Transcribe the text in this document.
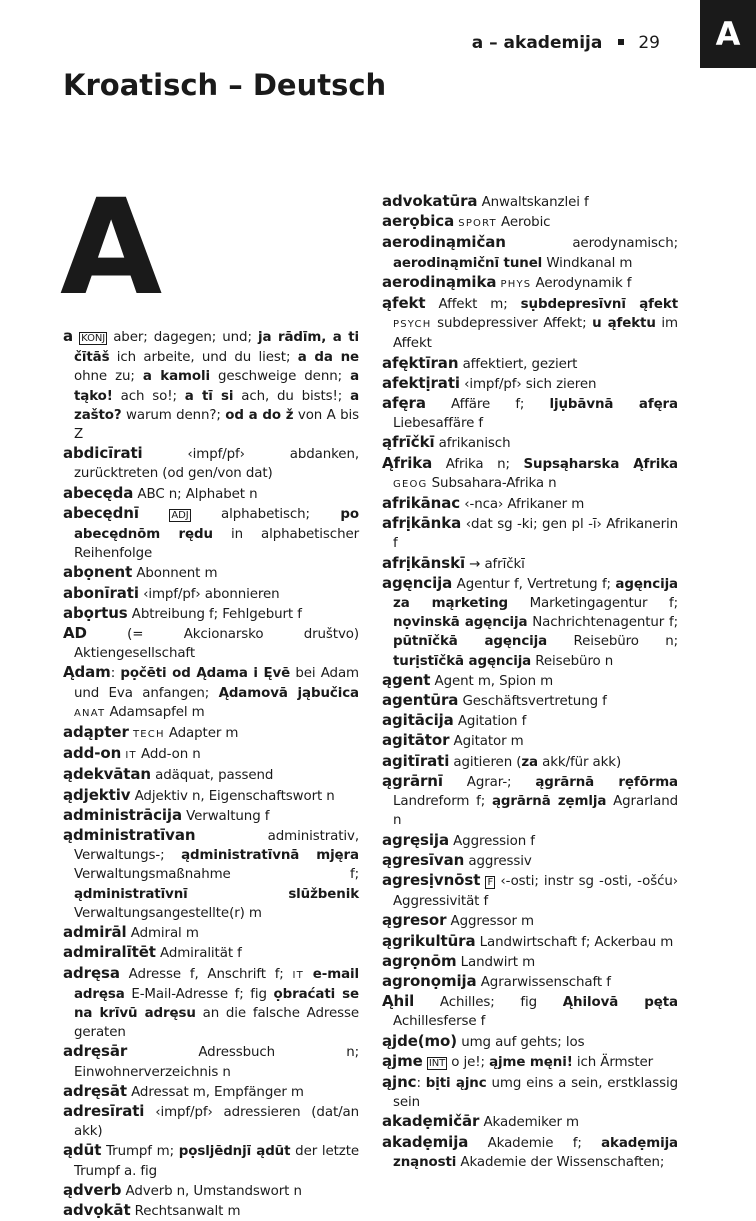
a – akademija 29	A
Kroatisch – Deutsch
A
a KONJ aber; dagegen; und; ja rādīm, a ti čītāš ich arbeite, und du liest; a da ne ohne zu; a kamoli geschweige denn; a tąko! ach so!; a tī si ach, du bists!; a zašto? warum denn?; od a do ž von A bis Z
abdicīrati ‹impf/pf› abdanken, zurücktreten (od gen/von dat)
abecęda ABC n; Alphabet n
abecędnī	ADJ alphabetisch; po abecędnōm rędu in alphabetischer Reihenfolge
abọnent Abonnent m
abonīrati ‹impf/pf› abonnieren
abọrtus Abtreibung f; Fehlgeburt f
AD (= Akcionarsko društvo) Aktiengesellschaft
Ądam: pọčēti od Ądama i Ęvē bei Adam und Eva anfangen; Ądamovā jąbučica ANAT Adamsapfel m
adąpter TECH Adapter m
add-on IT Add-on n
ądekvātan adäquat, passend
ądjektiv Adjektiv n, Eigenschaftswort n
administrācija Verwaltung f
ądministratīvan administrativ, Verwaltungs-; ądministratīvnā mjęra Verwaltungsmaßnahme f; ądministratīvnī slūžbenik Verwaltungsangestellte(r) m
admirāl Admiral m
admiralītēt Admiralität f
adręsa Adresse f, Anschrift f; IT e-mail adręsa E-Mail-Adresse f; fig ọbraćati se na krīvū adręsu an die falsche Adresse geraten
adręsār Adressbuch n; Einwohnerverzeichnis n
adręsāt Adressat m, Empfänger m
adresīrati ‹impf/pf› adressieren (dat/an akk)
ądūt Trumpf m; pọslјēdnjī ądūt der letzte Trumpf a. fig
ądverb Adverb n, Umstandswort n
advọkāt Rechtsanwalt m
advokatūra Anwaltskanzlei f
aerọbica SPORT Aerobic
aerodinąmičan aerodynamisch; aerodinąmičnī tunel Windkanal m
aerodinąmika PHYS Aerodynamik f
ąfekt Affekt m; sụbdepresīvnī ąfekt PSYCH subdepressiver Affekt; u ąfektu im Affekt
afęktīran affektiert, geziert
afektịrati ‹impf/pf› sich zieren
afęra Affäre f; ljụbāvnā afęra Liebesaffäre f
ąfrīčkī afrikanisch
Ąfrika Afrika n; Supsąharska Ąfrika GEOG Subsahara-Afrika n
afrikānac ‹-nca› Afrikaner m
afrịkānka ‹dat sg -ki; gen pl -ī› Afrikanerin f
afrịkānskī → afrīčkī
agęncija Agentur f, Vertretung f; agęncija za mąrketing Marketingagentur f; nọvinskā agęncija Nachrichtenagentur f; pūtnīčkā agęncija Reisebüro n; turịstīčkā agęncija Reisebüro n
ągent Agent m, Spion m
agentūra Geschäftsvertretung f
agitācija Agitation f
agitātor Agitator m
agitīrati agitieren (za akk/für akk)
ągrārnī Agrar-; ągrārnā rẹfōrma Landreform f; ągrārnā zẹmlja Agrarland n
agręsija Aggression f
ągresīvan aggressiv
agresịvnōst F ‹-osti; instr sg -osti, -ošću› Aggressivität f
ągresor Aggressor m
ągrikultūra Landwirtschaft f; Ackerbau m
agrọnōm Landwirt m
agronọmija Agrarwissenschaft f
Ąhil Achilles; fig Ąhilovā pęta Achillesferse f
ąjde(mo) umg auf gehts; los
ąjme INT o je!; ąjme męni! ich Ärmster
ąjnc: bịti ąjnc umg eins a sein, erstklassig sein
akadẹmičār Akademiker m
akadẹmija Akademie f; akadẹmija znąnosti Akademie der Wissenschaften;
